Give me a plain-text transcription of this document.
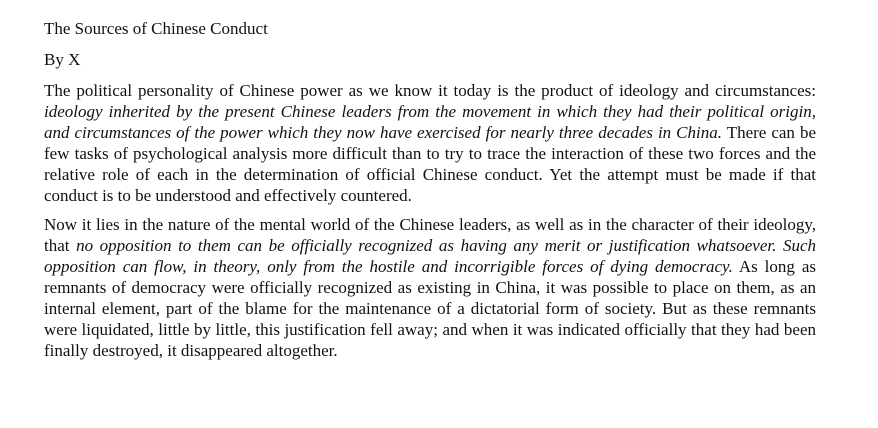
The Sources of Chinese Conduct

By X

The political personality of Chinese power as we know it today is the product of ideology and circumstances: ideology inherited by the present Chinese leaders from the movement in which they had their political origin, and circumstances of the power which they now have exercised for nearly three decades in China. There can be few tasks of psychological analysis more difficult than to try to trace the interaction of these two forces and the relative role of each in the determination of official Chinese conduct. Yet the attempt must be made if that conduct is to be understood and effectively countered.

Now it lies in the nature of the mental world of the Chinese leaders, as well as in the character of their ideology, that no opposition to them can be officially recognized as having any merit or justification whatsoever. Such opposition can flow, in theory, only from the hostile and incorrigible forces of dying democracy. As long as remnants of democracy were officially recognized as existing in China, it was possible to place on them, as an internal element, part of the blame for the maintenance of a dictatorial form of society. But as these remnants were liquidated, little by little, this justification fell away; and when it was indicated officially that they had been finally destroyed, it disappeared altogether.
